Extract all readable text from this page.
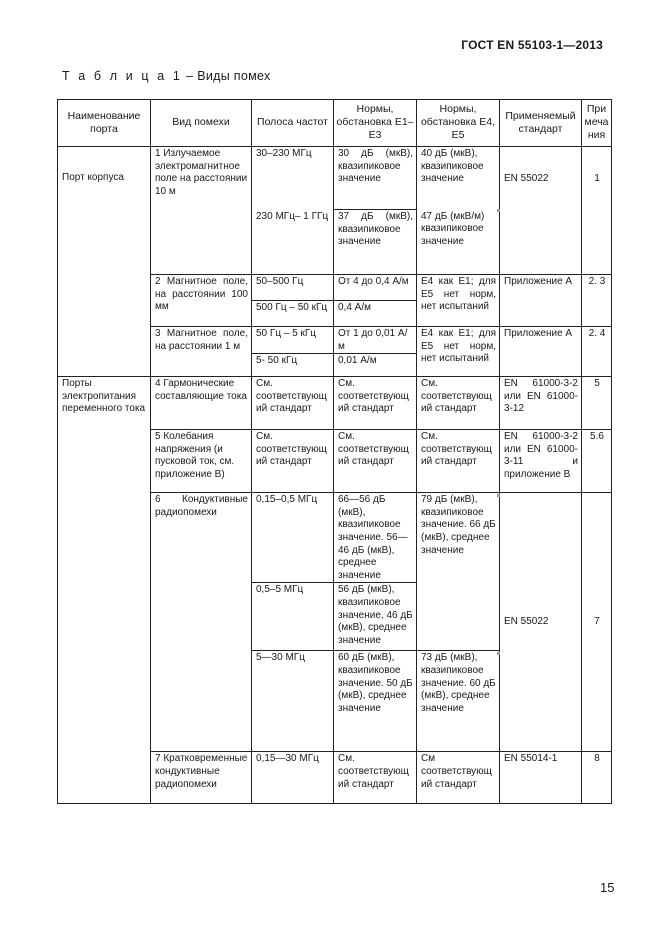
ГОСТ EN 55103-1—2013
Т а б л и ц а 1 – Виды помех
Наименование порта	Вид помехи	Полоса частот	Нормы, обстановка Е1–Е3	Нормы, обстановка Е4, Е5	Применяемый стандарт	Примечания
Порт корпуса	1 Излучаемое электромагнитное поле на расстоянии 10 м	30–230 МГц	30 дБ (мкВ), квазипиковое значение	40 дБ (мкВ), квазипиковое значение	EN 55022	1
		230 МГц– 1 ГГц	37 дБ (мкВ), квазипиковое значение	47 дБ (мкВ/м) квазипиковое значение		
	2 Магнитное поле, на расстоянии 100 мм	50–500 Гц	От 4 до 0,4 А/м	Е4 как Е1; для Е5 нет норм, нет испытаний	Приложение А	2. 3
		500 Гц – 50 кГц	0,4 А/м			
	3 Магнитное поле, на расстоянии 1 м	50 Гц – 5 кГц	От 1 до 0,01 А/м	Е4 как Е1; для Е5 нет норм, нет испытаний	Приложение А	2. 4
		5- 50 кГц	0,01 А/м			
Порты электропитания переменного тока	4 Гармонические составляющие тока	См. соответствующий стандарт	См. соответствующий стандарт	См. соответствующий стандарт	EN 61000-3-2 или EN 61000-3-12	5
	5 Колебания напряжения (и пусковой ток, см. приложение В)	См. соответствующий стандарт	См. соответствующий стандарт	См. соответствующий стандарт	EN 61000-3-2 или EN 61000-3-11 и приложение В	5.6
	6 Кондуктивные радиопомехи	0,15–0,5 МГц	66—56 дБ (мкВ), квазипиковое значение. 56—46 дБ (мкВ), среднее значение	79 дБ (мкВ), квазипиковое значение. 66 дБ (мкВ), среднее значение	EN 55022	7
		0,5–5 МГц	56 дБ (мкВ), квазипиковое значение, 46 дБ (мкВ), среднее значение			
		5—30 МГц	60 дБ (мкВ), квазипиковое значение. 50 дБ (мкВ), среднее значение	73 дБ (мкВ), квазипиковое значение. 60 дБ (мкВ), среднее значение		

	7 Кратковременные кондуктивные радиопомехи	0,15—30 МГц	См. соответствующий стандарт	См соответствующий стандарт	EN 55014-1	8
15
